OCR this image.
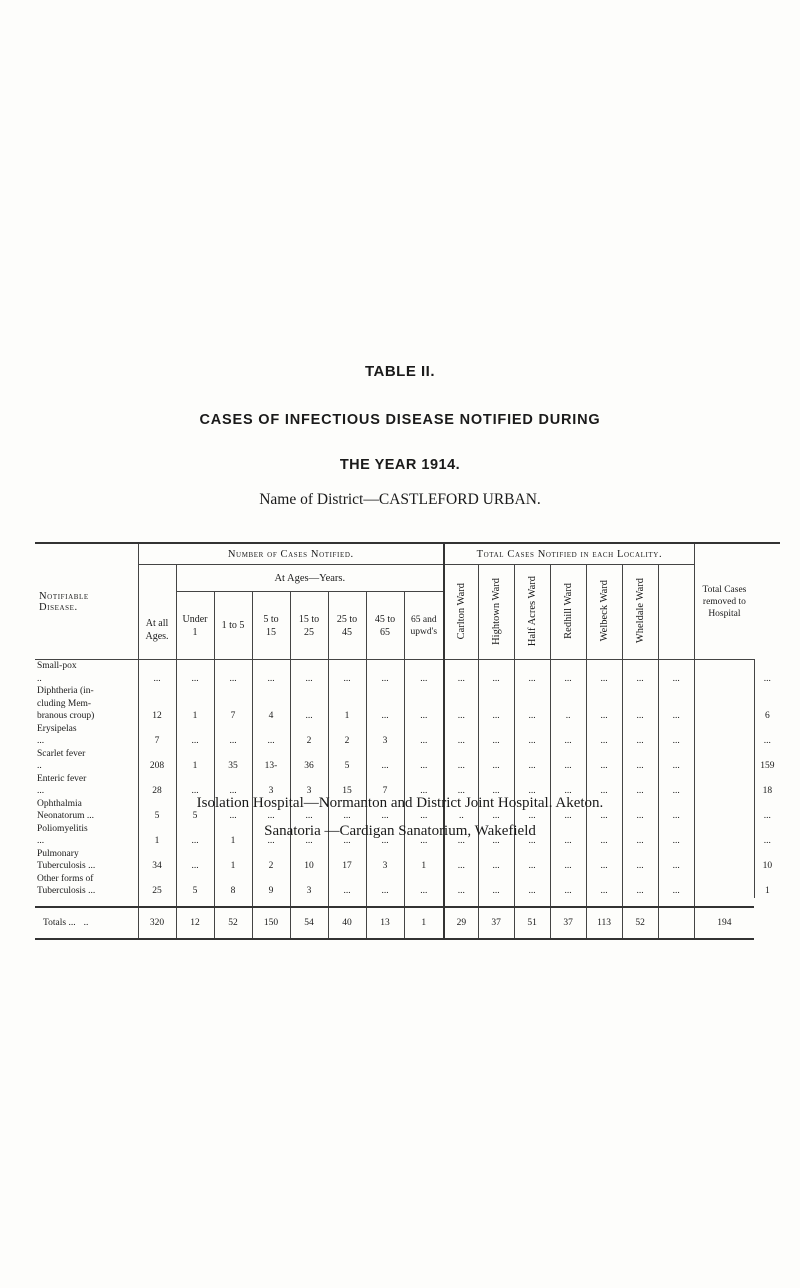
TABLE II.
CASES OF INFECTIOUS DISEASE NOTIFIED DURING
THE YEAR 1914.
Name of District—CASTLEFORD URBAN.
Notifiable Disease.	Number of Cases Notified.								Total Cases Notified in each Locality.							Total Cases removed to Hospital	

	At all Ages.	At Ages—Years.							Carlton Ward	Hightown Ward	Half Acres Ward	Redhill Ward	Welbeck Ward	Wheldale Ward			

		Under 1	1 to 5	5 to 15	15 to 25	25 to 45	45 to 65	65 and upwd's									

Small-pox																	
..	...	...	...	...	...	...	...	...	...	...	...	...	...	...	...		...
Diphtheria (in-																	
cluding Mem-																	
branous croup)	12	1	7	4	...	1	...	...	...	...	...	..	...	...	...		6
Erysipelas																	
...	7	...	...	...	2	2	3	...	...	...	...	...	...	...	...		...
Scarlet fever																	
..	208	1	35	13-	36	5	...	...	...	...	...	...	...	...	...		159
Enteric fever																	
...	28	...	...	3	3	15	7	...	...	...	...	...	...	...	...		18
Ophthalmia																	
Neonatorum ...	5	5	...	...	...	...	...	...	..	...	...	...	...	...	...		...
Poliomyelitis																	
...	1	...	1	...	...	...	...	...	...	...	...	...	...	...	...		...
Pulmonary																	
Tuberculosis ...	34	...	1	2	10	17	3	1	...	...	...	...	...	...	...		10
Other forms of																	
Tuberculosis ...	25	5	8	9	3	...	...	...	...	...	...	...	...	...	...		1

Totals ... ..	320	12	52	150	54	40	13	1	29	37	51	37	113	52		194	
Isolation Hospital—Normanton and District Joint Hospital. Aketon.
Sanatoria —Cardigan Sanatorium, Wakefield
